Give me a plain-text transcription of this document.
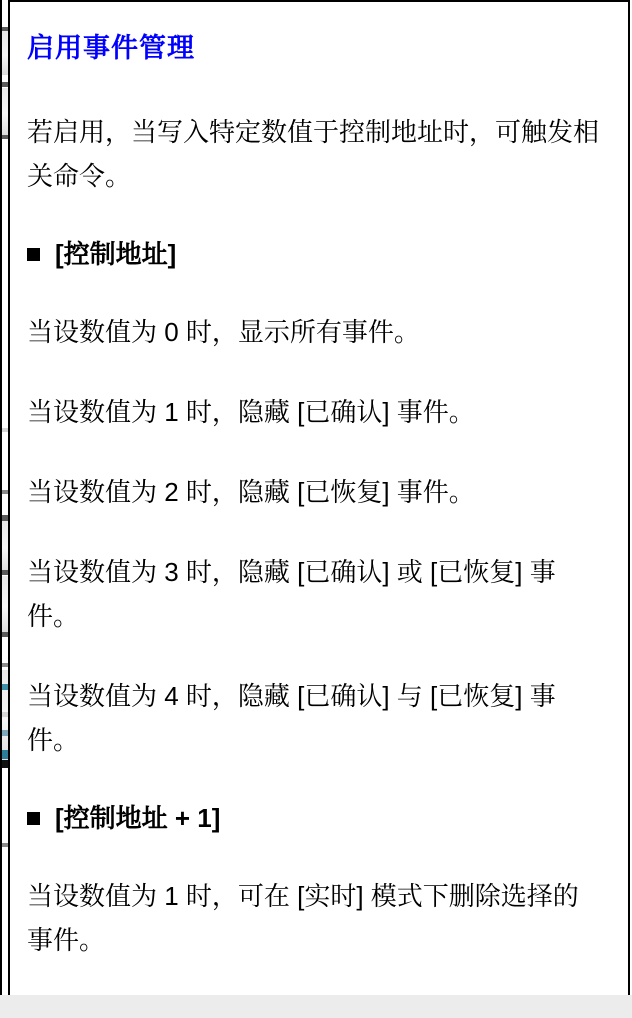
启用事件管理

若启用，当写入特定数值于控制地址时，可触发相
关命令。

[控制地址]

当设数值为 0 时，显示所有事件。

当设数值为 1 时，隐藏 [已确认] 事件。

当设数值为 2 时，隐藏 [已恢复] 事件。

当设数值为 3 时，隐藏 [已确认] 或 [已恢复] 事
件。

当设数值为 4 时，隐藏 [已确认] 与 [已恢复] 事
件。

[控制地址 + 1]

当设数值为 1 时，可在 [实时] 模式下删除选择的
事件。
